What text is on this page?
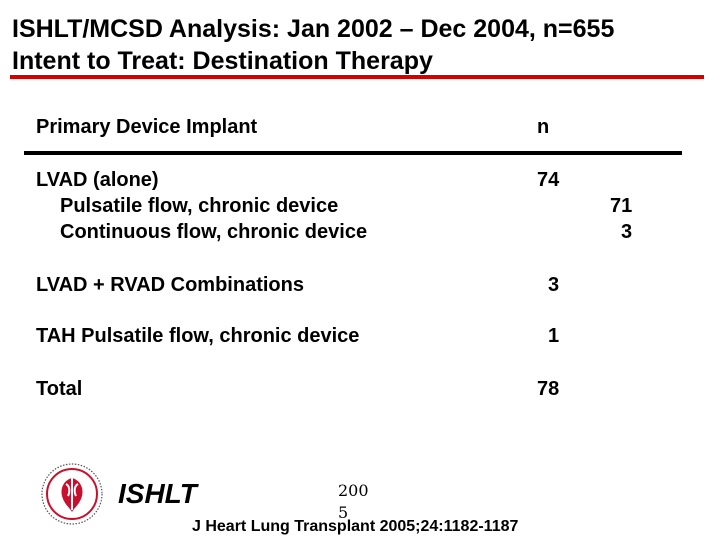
ISHLT/MCSD Analysis: Jan 2002 – Dec 2004, n=655
Intent to Treat: Destination Therapy
Primary Device Implant	n
LVAD (alone)	74
Pulsatile flow, chronic device	71
Continuous flow, chronic device	3
LVAD + RVAD Combinations	3
TAH Pulsatile flow, chronic device	1
Total	78
ISHLT	2005
J Heart Lung Transplant 2005;24:1182-1187
